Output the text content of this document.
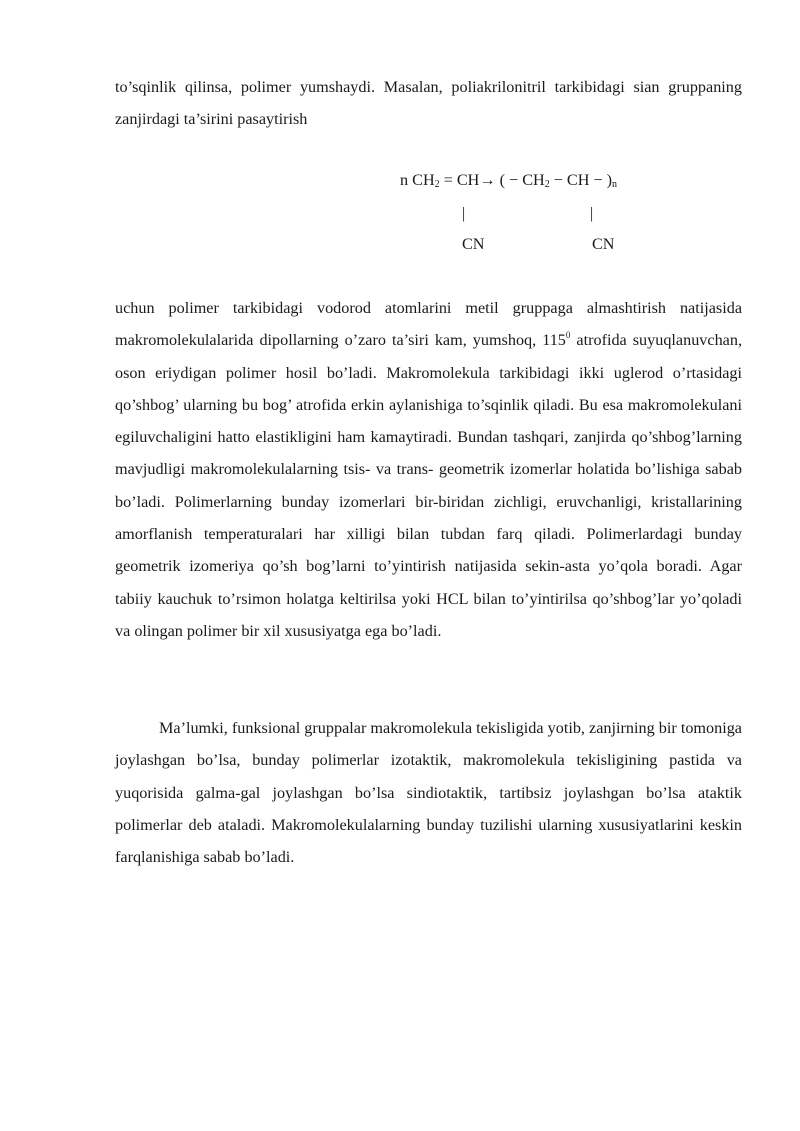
to’sqinlik qilinsa, polimer yumshaydi. Masalan, poliakrilonitril tarkibidagi sian gruppaning zanjirdagi ta’sirini pasaytirish

n $CH_2 = CH\to$ ( − $CH_2$ − CH − )$_n$
|	|
CN	CN

uchun polimer tarkibidagi vodorod atomlarini metil gruppaga almashtirish natijasida makromolekulalarida dipollarning o’zaro ta’siri kam, yumshoq, $115^0$ atrofida suyuqlanuvchan, oson eriydigan polimer hosil bo’ladi. Makromolekula tarkibidagi ikki uglerod o’rtasidagi qo’shbog’ ularning bu bog’ atrofida erkin aylanishiga to’sqinlik qiladi. Bu esa makromolekulani egiluvchaligini hatto elastikligini ham kamaytiradi. Bundan tashqari, zanjirda qo’shbog’larning mavjudligi makromolekulalarning tsis- va trans- geometrik izomerlar holatida bo’lishiga sabab bo’ladi. Polimerlarning bunday izomerlari bir-biridan zichligi, eruvchanligi, kristallarining amorflanish temperaturalari har xilligi bilan tubdan farq qiladi. Polimerlardagi bunday geometrik izomeriya qo’sh bog’larni to’yintirish natijasida sekin-asta yo’qola boradi. Agar tabiiy kauchuk to’rsimon holatga keltirilsa yoki HCL bilan to’yintirilsa qo’shbog’lar yo’qoladi va olingan polimer bir xil xususiyatga ega bo’ladi.

Ma’lumki, funksional gruppalar makromolekula tekisligida yotib, zanjirning bir tomoniga joylashgan bo’lsa, bunday polimerlar izotaktik, makromolekula tekisligining pastida va yuqorisida galma-gal joylashgan bo’lsa sindiotaktik, tartibsiz joylashgan bo’lsa ataktik polimerlar deb ataladi. Makromolekulalarning bunday tuzilishi ularning xususiyatlarini keskin farqlanishiga sabab bo’ladi.
